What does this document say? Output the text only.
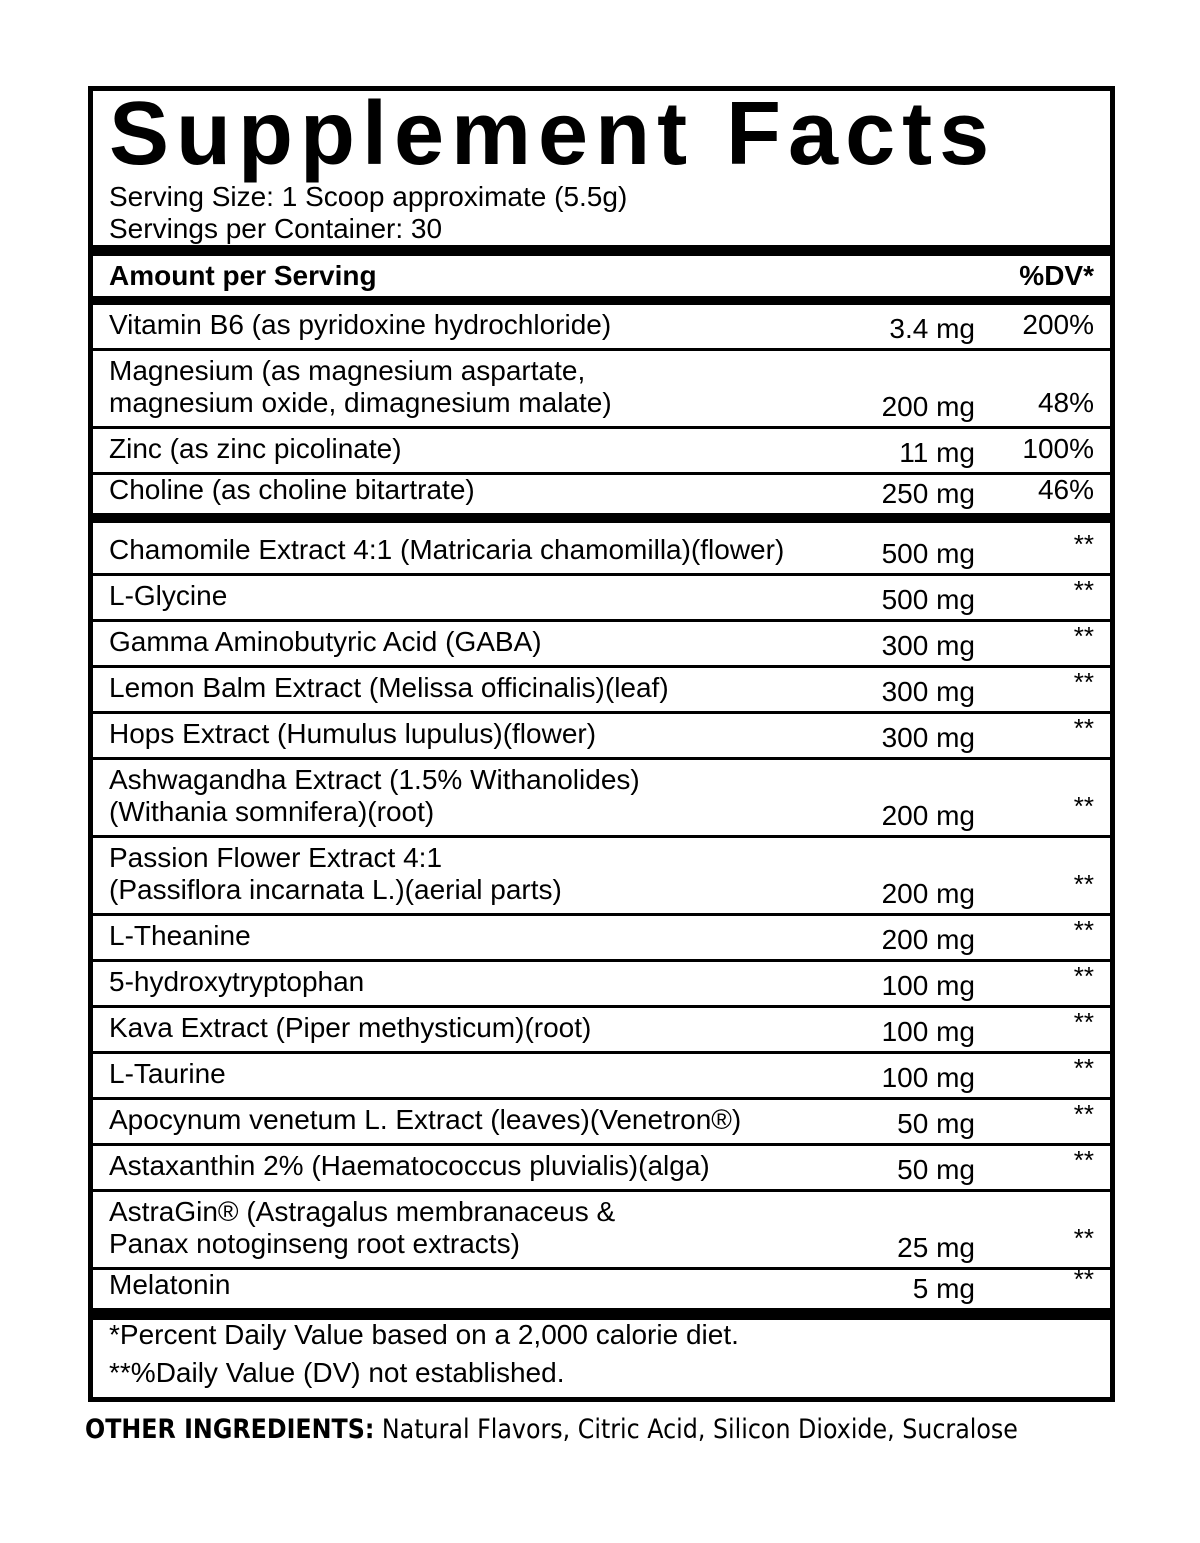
Supplement Facts
Serving Size: 1 Scoop approximate (5.5g)
Servings per Container: 30
Amount per Serving	%DV*
Vitamin B6 (as pyridoxine hydrochloride)	3.4 mg 200%
Magnesium (as magnesium aspartate,
magnesium oxide, dimagnesium malate)	200 mg 48%
Zinc (as zinc picolinate)	11 mg 100%
Choline (as choline bitartrate)	250 mg 46%
Chamomile Extract 4:1 (Matricaria chamomilla)(flower)	500 mg	**
L-Glycine	500 mg	**
Gamma Aminobutyric Acid (GABA)	300 mg	**
Lemon Balm Extract (Melissa officinalis)(leaf)	300 mg	**
Hops Extract (Humulus lupulus)(flower)	300 mg	**
Ashwagandha Extract (1.5% Withanolides)
(Withania somnifera)(root)	200 mg	**
Passion Flower Extract 4:1
(Passiflora incarnata L.)(aerial parts)	200 mg	**
L-Theanine	200 mg	**
5-hydroxytryptophan	100 mg	**
Kava Extract (Piper methysticum)(root)	100 mg	**
L-Taurine	100 mg	**
Apocynum venetum L. Extract (leaves)(Venetron®)	50 mg	**
Astaxanthin 2% (Haematococcus pluvialis)(alga)	50 mg	**
AstraGin® (Astragalus membranaceus &
Panax notoginseng root extracts)	25 mg	**
Melatonin	5 mg	**
*Percent Daily Value based on a 2,000 calorie diet.
**%Daily Value (DV) not established.
OTHER INGREDIENTS: Natural Flavors, Citric Acid, Silicon Dioxide, Sucralose
